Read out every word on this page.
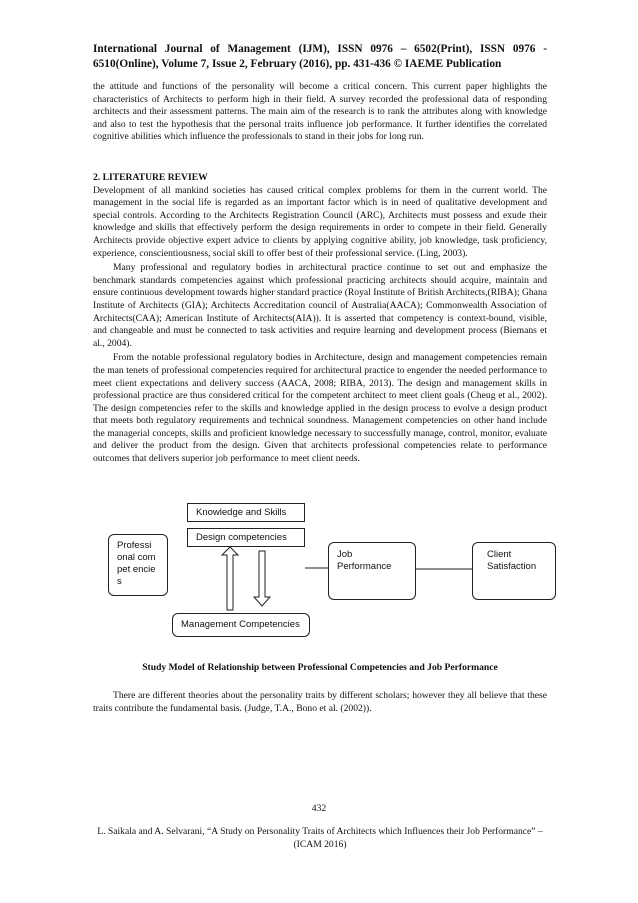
International Journal of Management (IJM), ISSN 0976 – 6502(Print), ISSN 0976 - 6510(Online), Volume 7, Issue 2, February (2016), pp. 431-436 © IAEME Publication

the attitude and functions of the personality will become a critical concern. This current paper highlights the characteristics of Architects to perform high in their field. A survey recorded the professional data of responding architects and their assessment patterns. The main aim of the research is to rank the attributes along with knowledge and also to test the hypothesis that the personal traits influence job performance. It further identifies the correlated cognitive abilities which influence the professionals to stand in their jobs for long run.

2. LITERATURE REVIEW

Development of all mankind societies has caused critical complex problems for them in the current world. The management in the social life is regarded as an important factor which is in need of qualitative development and special controls. According to the Architects Registration Council (ARC), Architects must possess and exude their knowledge and skills that effectively perform the design requirements in order to compete in their field. Generally Architects provide objective expert advice to clients by applying cognitive ability, job knowledge, task proficiency, experience, conscientiousness, social skill to offer best of their professional service. (Ling, 2003).

Many professional and regulatory bodies in architectural practice continue to set out and emphasize the benchmark standards competencies against which professional practicing architects should acquire, maintain and ensure continuous development towards higher standard practice (Royal Institute of British Architects,(RIBA); Ghana Institute of Architects (GIA); Architects Accreditation council of Australia(AACA); Commonwealth Association of Architects(CAA); American Institute of Architects(AIA)). It is asserted that competency is context-bound, visible, and changeable and must be connected to task activities and require learning and development process (Biemans et al., 2004).

From the notable professional regulatory bodies in Architecture, design and management competencies remain the man tenets of professional competencies required for architectural practice to engender the needed performance to meet client expectations and delivery success (AACA, 2008; RIBA, 2013). The design and management skills in professional practice are thus considered critical for the competent architect to meet client goals (Cheug et al., 2002). The design competencies refer to the skills and knowledge applied in the design process to evolve a design product that meets both regulatory requirements and technical soundness. Management competencies on other hand include the managerial concepts, skills and proficient knowledge necessary to successfully manage, control, monitor, evaluate and deliver the product from the design. Given that architects professional competencies relate to performance outcomes that delivers superior job performance to meet client needs.

Professi onal compet encies
Knowledge and Skills
Design competencies
Job Performance
Client Satisfaction
Management Competencies
Study Model of Relationship between Professional Competencies and Job Performance

There are different theories about the personality traits by different scholars; however they all believe that these traits contribute the fundamental basis. (Judge, T.A., Bono et al. (2002)).

432
L. Saikala and A. Selvarani, “A Study on Personality Traits of Architects which Influences their Job Performance” – (ICAM 2016)
